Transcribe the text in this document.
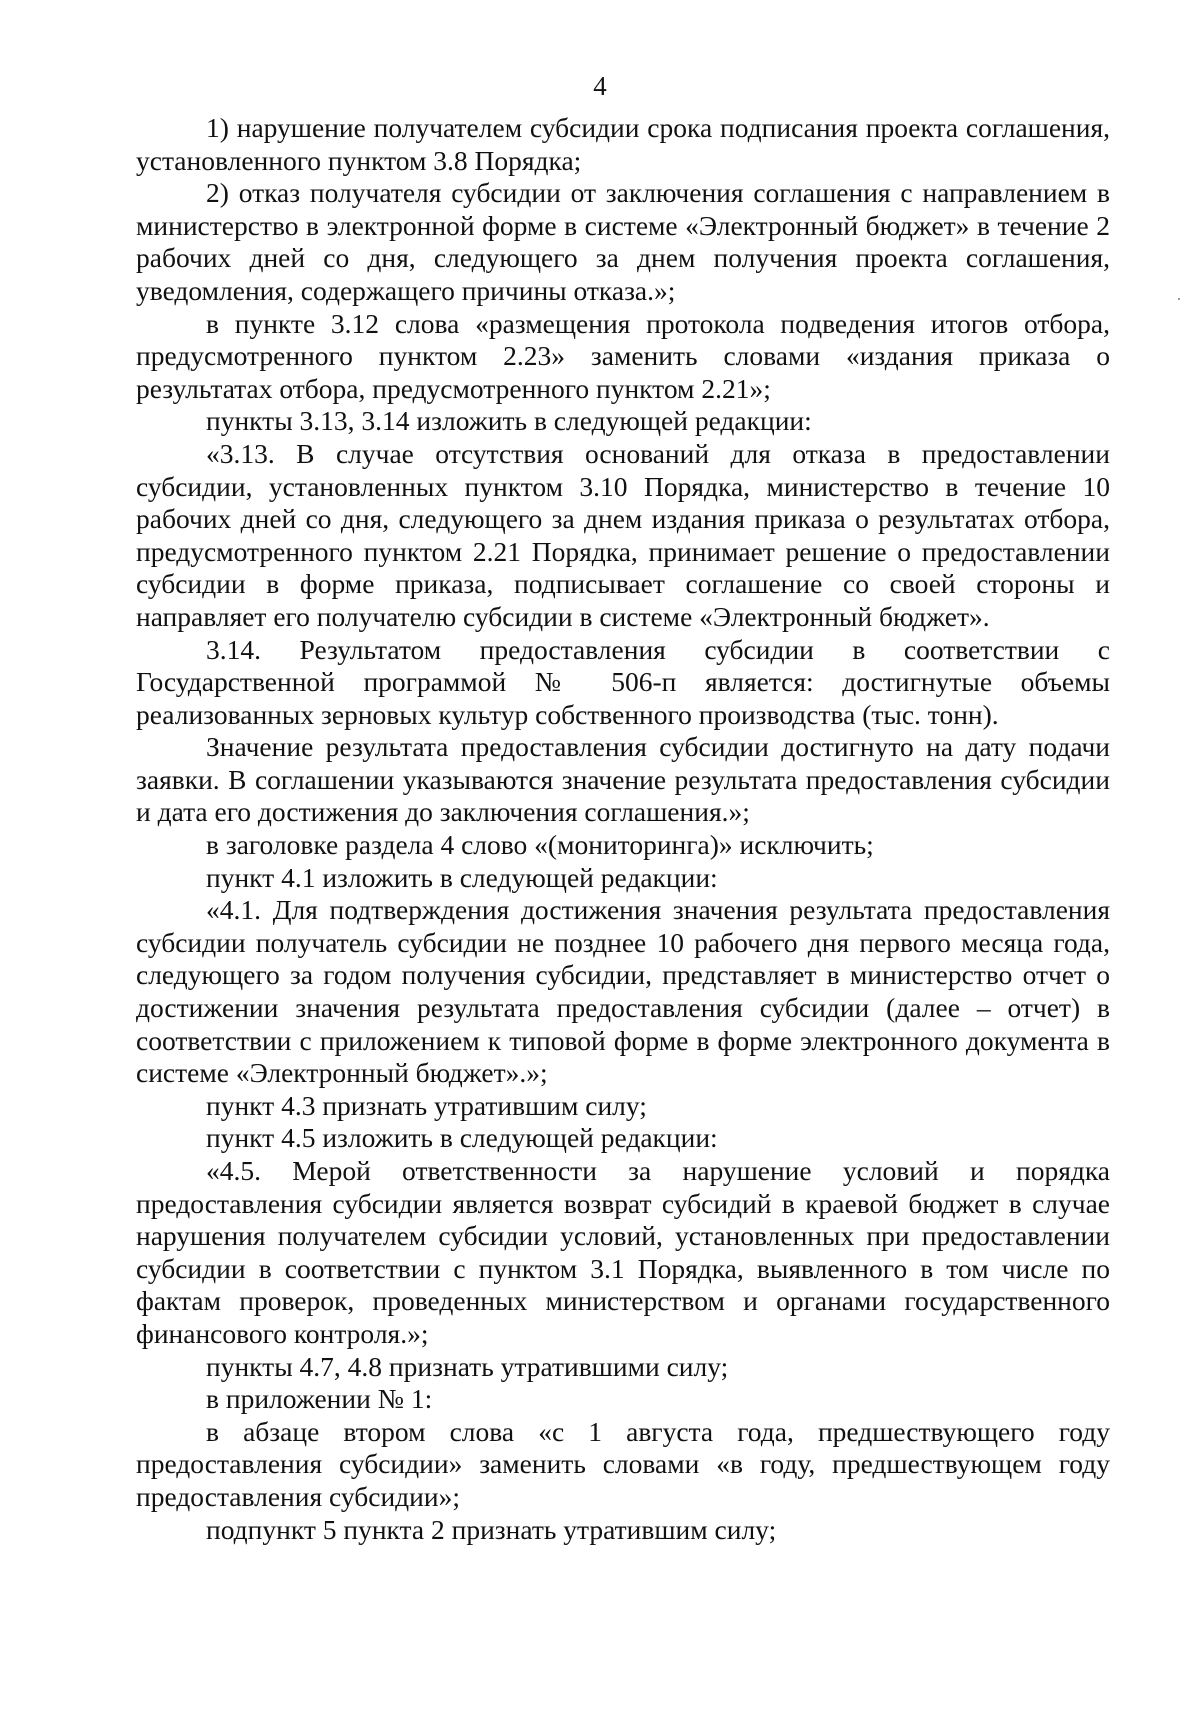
4

1) нарушение получателем субсидии срока подписания проекта соглашения, установленного пунктом 3.8 Порядка;

2) отказ получателя субсидии от заключения соглашения с направлением в министерство в электронной форме в системе «Электронный бюджет» в течение 2 рабочих дней со дня, следующего за днем получения проекта соглашения, уведомления, содержащего причины отказа.»;

в пункте 3.12 слова «размещения протокола подведения итогов отбора, предусмотренного пунктом 2.23» заменить словами «издания приказа о результатах отбора, предусмотренного пунктом 2.21»;

пункты 3.13, 3.14 изложить в следующей редакции:

«3.13. В случае отсутствия оснований для отказа в предоставлении субсидии, установленных пунктом 3.10 Порядка, министерство в течение 10 рабочих дней со дня, следующего за днем издания приказа о результатах отбора, предусмотренного пунктом 2.21 Порядка, принимает решение о предоставлении субсидии в форме приказа, подписывает соглашение со своей стороны и направляет его получателю субсидии в системе «Электронный бюджет».

3.14. Результатом предоставления субсидии в соответствии с Государственной программой № 506-п является: достигнутые объемы реализованных зерновых культур собственного производства (тыс. тонн).

Значение результата предоставления субсидии достигнуто на дату подачи заявки. В соглашении указываются значение результата предоставления субсидии и дата его достижения до заключения соглашения.»;

в заголовке раздела 4 слово «(мониторинга)» исключить;

пункт 4.1 изложить в следующей редакции:

«4.1. Для подтверждения достижения значения результата предоставления субсидии получатель субсидии не позднее 10 рабочего дня первого месяца года, следующего за годом получения субсидии, представляет в министерство отчет о достижении значения результата предоставления субсидии (далее – отчет) в соответствии с приложением к типовой форме в форме электронного документа в системе «Электронный бюджет».»;

пункт 4.3 признать утратившим силу;

пункт 4.5 изложить в следующей редакции:

«4.5. Мерой ответственности за нарушение условий и порядка предоставления субсидии является возврат субсидий в краевой бюджет в случае нарушения получателем субсидии условий, установленных при предоставлении субсидии в соответствии с пунктом 3.1 Порядка, выявленного в том числе по фактам проверок, проведенных министерством и органами государственного финансового контроля.»;

пункты 4.7, 4.8 признать утратившими силу;

в приложении № 1:

в абзаце втором слова «с 1 августа года, предшествующего году предоставления субсидии» заменить словами «в году, предшествующем году предоставления субсидии»;

подпункт 5 пункта 2 признать утратившим силу;
